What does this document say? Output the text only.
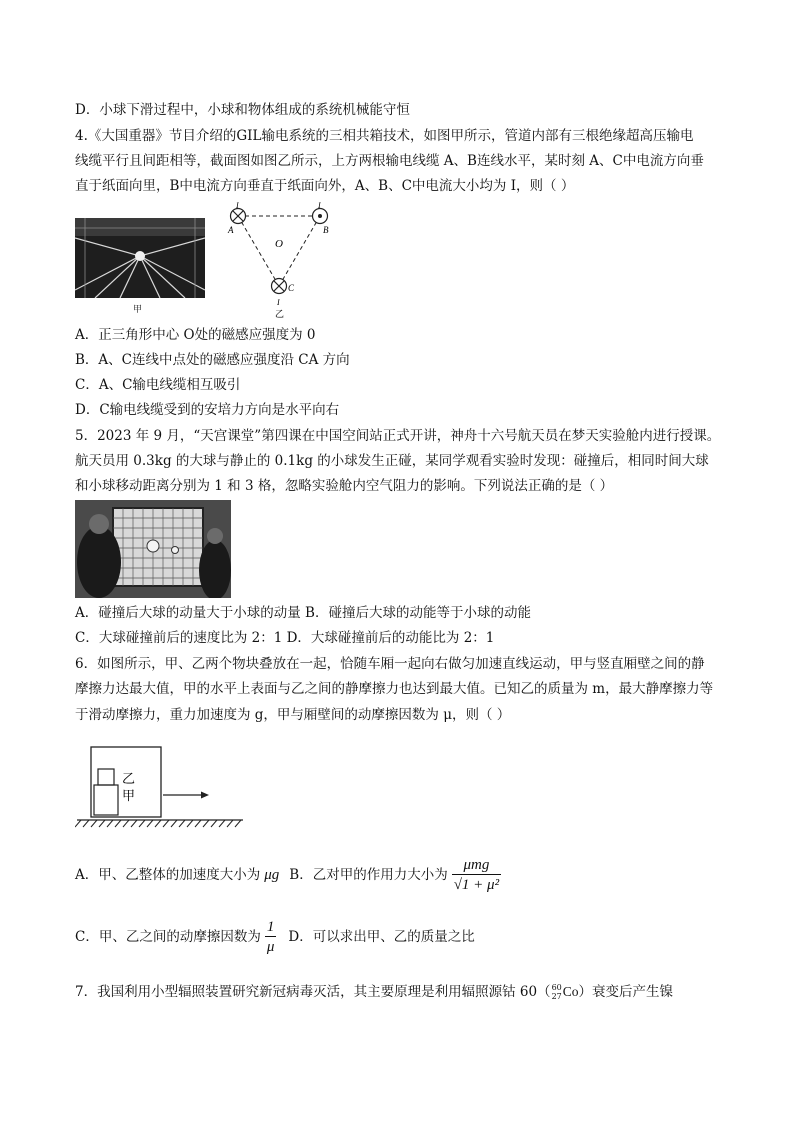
D．小球下滑过程中，小球和物体组成的系统机械能守恒
4.《大国重器》节目介绍的GIL输电系统的三相共箱技术，如图甲所示，管道内部有三根绝缘超高压输电
线缆平行且间距相等，截面图如图乙所示，上方两根输电线缆 A、B连线水平，某时刻 A、C中电流方向垂
直于纸面向里，B中电流方向垂直于纸面向外，A、B、C中电流大小均为 I，则（ ）
甲
A	B
C
O
I	I
I
乙
A．正三角形中心 O处的磁感应强度为 0
B．A、C连线中点处的磁感应强度沿 CA 方向
C．A、C输电线缆相互吸引
D．C输电线缆受到的安培力方向是水平向右
5．2023 年 9 月，“天宫课堂”第四课在中国空间站正式开讲，神舟十六号航天员在梦天实验舱内进行授课。
航天员用 0.3kg 的大球与静止的 0.1kg 的小球发生正碰，某同学观看实验时发现：碰撞后，相同时间大球
和小球移动距离分别为 1 和 3 格，忽略实验舱内空气阻力的影响。下列说法正确的是（ ）
A．碰撞后大球的动量大于小球的动量 B．碰撞后大球的动能等于小球的动能
C．大球碰撞前后的速度比为 2：1 D．大球碰撞前后的动能比为 2：1
6．如图所示，甲、乙两个物块叠放在一起，恰随车厢一起向右做匀加速直线运动，甲与竖直厢壁之间的静
摩擦力达最大值，甲的水平上表面与乙之间的静摩擦力也达到最大值。已知乙的质量为 m，最大静摩擦力等
于滑动摩擦力，重力加速度为 g，甲与厢壁间的动摩擦因数为 μ，则（ ）
乙
甲
A．甲、乙整体的加速度大小为 μg B．乙对甲的作用力大小为 $\frac{\text{μmg}}{\text{√1 + μ²}}$
C．甲、乙之间的动摩擦因数为 $\frac{1}{\mu}$ D．可以求出甲、乙的质量之比
7．我国利用小型辐照装置研究新冠病毒灭活，其主要原理是利用辐照源钴 60（ 60
27 Co ）衰变后产生镍
